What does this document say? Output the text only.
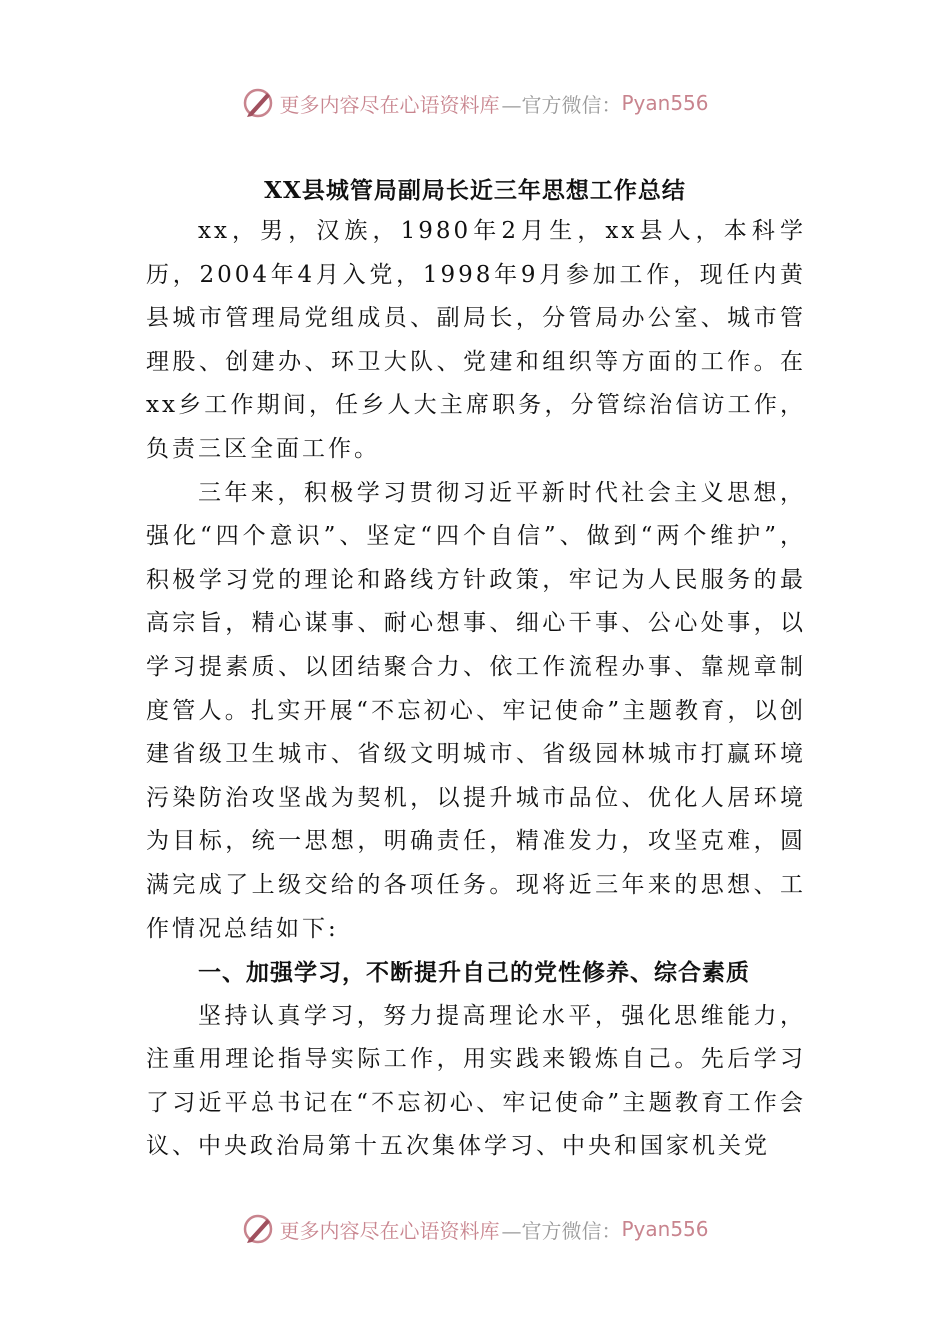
更多内容尽在心语资料库 —官方微信： Pyan556
XX县城管局副局长近三年思想工作总结

xx，男，汉族，1980年2月生，xx县人，本科学历，2004年4月入党，1998年9月参加工作，现任内黄县城市管理局党组成员、副局长，分管局办公室、城市管理股、创建办、环卫大队、党建和组织等方面的工作。在xx乡工作期间，任乡人大主席职务，分管综治信访工作，负责三区全面工作。

三年来，积极学习贯彻习近平新时代社会主义思想，强化“四个意识”、坚定“四个自信”、做到“两个维护”，积极学习党的理论和路线方针政策，牢记为人民服务的最高宗旨，精心谋事、耐心想事、细心干事、公心处事，以学习提素质、以团结聚合力、依工作流程办事、靠规章制度管人。扎实开展“不忘初心、牢记使命”主题教育，以创建省级卫生城市、省级文明城市、省级园林城市打赢环境污染防治攻坚战为契机，以提升城市品位、优化人居环境为目标，统一思想，明确责任，精准发力，攻坚克难，圆满完成了上级交给的各项任务。现将近三年来的思想、工作情况总结如下:

一、加强学习，不断提升自己的党性修养、综合素质

坚持认真学习，努力提高理论水平，强化思维能力，注重用理论指导实际工作，用实践来锻炼自己。先后学习了习近平总书记在“不忘初心、牢记使命”主题教育工作会议、中央政治局第十五次集体学习、中央和国家机关党

更多内容尽在心语资料库 —官方微信： Pyan556
